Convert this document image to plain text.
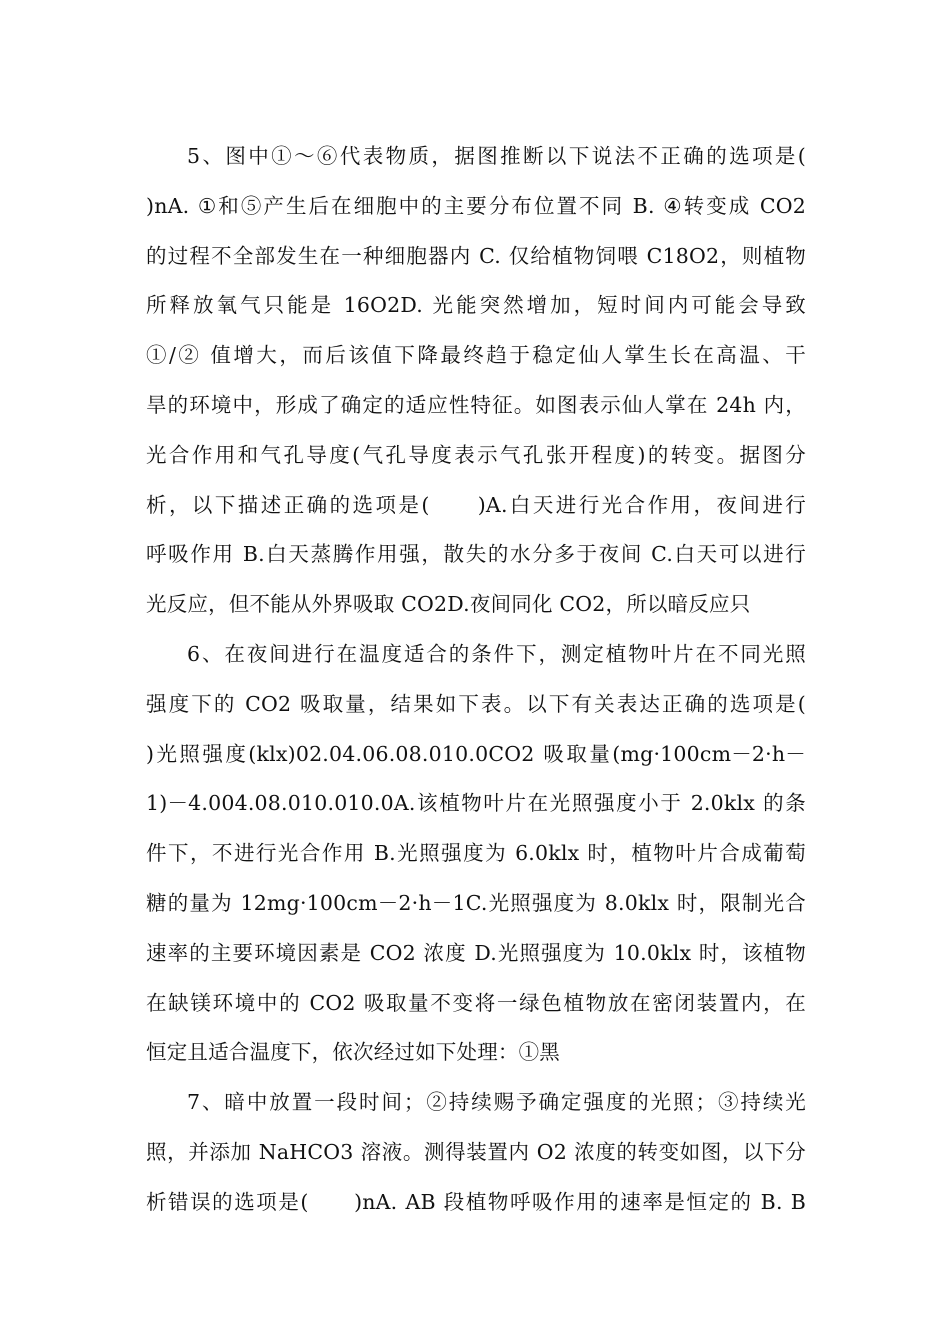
5、图中①～⑥代表物质，据图推断以下说法不正确的选项是(
)nA. ①和⑤产生后在细胞中的主要分布位置不同 B. ④转变成 CO2
的过程不全部发生在一种细胞器内 C. 仅给植物饲喂 C18O2，则植物
所释放氧气只能是 16O2D. 光能突然增加，短时间内可能会导致
①/② 值增大，而后该值下降最终趋于稳定仙人掌生长在高温、干
旱的环境中，形成了确定的适应性特征。如图表示仙人掌在 24h 内，
光合作用和气孔导度(气孔导度表示气孔张开程度)的转变。据图分
析，以下描述正确的选项是(　　)A.白天进行光合作用，夜间进行
呼吸作用 B.白天蒸腾作用强，散失的水分多于夜间 C.白天可以进行
光反应，但不能从外界吸取 CO2D.夜间同化 CO2，所以暗反应只
6、在夜间进行在温度适合的条件下，测定植物叶片在不同光照
强度下的 CO2 吸取量，结果如下表。以下有关表达正确的选项是(
)光照强度(klx)02.04.06.08.010.0CO2 吸取量(mg·100cm－2·h－
1)－4.004.08.010.010.0A.该植物叶片在光照强度小于 2.0klx 的条
件下，不进行光合作用 B.光照强度为 6.0klx 时，植物叶片合成葡萄
糖的量为 12mg·100cm－2·h－1C.光照强度为 8.0klx 时，限制光合
速率的主要环境因素是 CO2 浓度 D.光照强度为 10.0klx 时，该植物
在缺镁环境中的 CO2 吸取量不变将一绿色植物放在密闭装置内，在
恒定且适合温度下，依次经过如下处理：①黑
7、暗中放置一段时间；②持续赐予确定强度的光照；③持续光
照，并添加 NaHCO3 溶液。测得装置内 O2 浓度的转变如图，以下分
析错误的选项是(　　)nA. AB 段植物呼吸作用的速率是恒定的 B. B
